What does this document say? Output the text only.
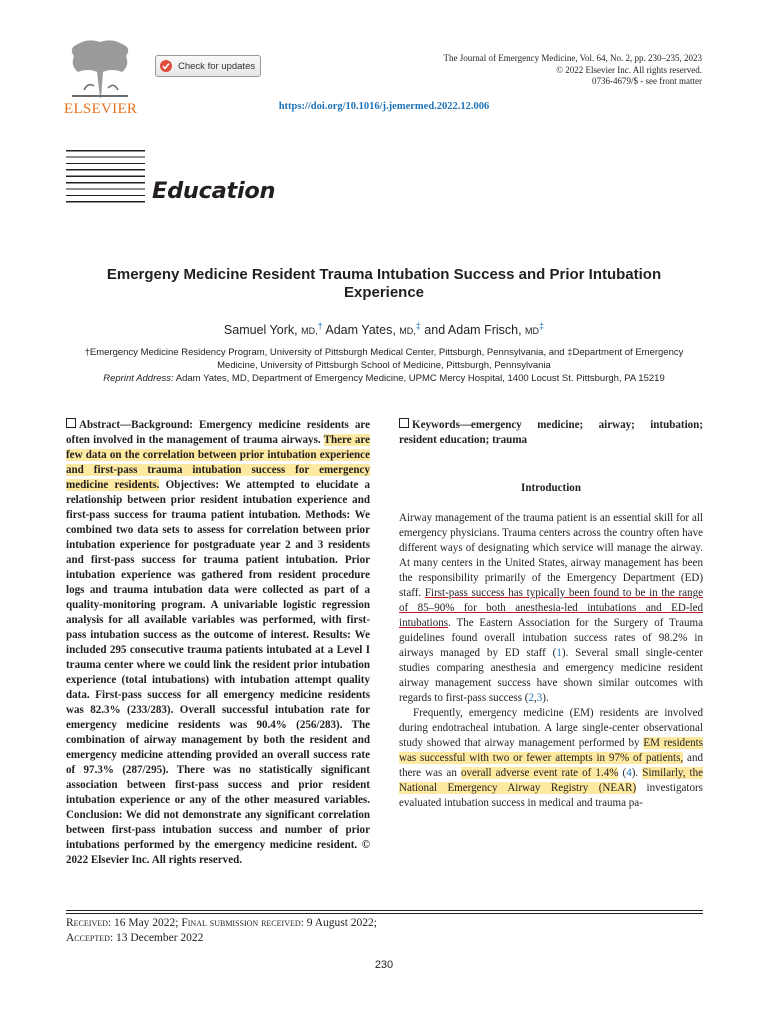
ELSEVIER
Check for updates
The Journal of Emergency Medicine, Vol. 64, No. 2, pp. 230–235, 2023
© 2022 Elsevier Inc. All rights reserved.
0736-4679/$ - see front matter
https://doi.org/10.1016/j.jemermed.2022.12.006
Education
Emergeny Medicine Resident Trauma Intubation Success and Prior Intubation Experience
Samuel York, MD,† Adam Yates, MD,‡ and Adam Frisch, MD‡
†Emergency Medicine Residency Program, University of Pittsburgh Medical Center, Pittsburgh, Pennsylvania, and ‡Department of Emergency Medicine, University of Pittsburgh School of Medicine, Pittsburgh, Pennsylvania
Reprint Address: Adam Yates, MD, Department of Emergency Medicine, UPMC Mercy Hospital, 1400 Locust St. Pittsburgh, PA 15219
Abstract—Background: Emergency medicine residents are often involved in the management of trauma airways. There are few data on the correlation between prior intubation experience and first-pass trauma intubation success for emergency medicine residents. Objectives: We attempted to elucidate a relationship between prior resident intubation experience and first-pass success for trauma patient intubation. Methods: We combined two data sets to assess for correlation between prior intubation experience for postgraduate year 2 and 3 residents and first-pass success for trauma patient intubation. Prior intubation experience was gathered from resident procedure logs and trauma intubation data were collected as part of a quality-monitoring program. A univariable logistic regression analysis for all available variables was performed, with first-pass intubation success as the outcome of interest. Results: We included 295 consecutive trauma patients intubated at a Level I trauma center where we could link the resident prior intubation experience (total intubations) with intubation attempt quality data. First-pass success for all emergency medicine residents was 82.3% (233/283). Overall successful intubation rate for emergency medicine residents was 90.4% (256/283). The combination of airway management by both the resident and emergency medicine attending provided an overall success rate of 97.3% (287/295). There was no statistically significant association between first-pass success and prior resident intubation experience or any of the other measured variables. Conclusion: We did not demonstrate any significant correlation between first-pass intubation success and number of prior intubations performed by the emergency medicine resident. © 2022 Elsevier Inc. All rights reserved.
Keywords—emergency medicine; airway; intubation; resident education; trauma
Introduction
Airway management of the trauma patient is an essential skill for all emergency physicians. Trauma centers across the country often have different ways of designating which service will manage the airway. At many centers in the United States, airway management has been the responsibility primarily of the Emergency Department (ED) staff. First-pass success has typically been found to be in the range of 85–90% for both anesthesia-led intubations and ED-led intubations. The Eastern Association for the Surgery of Trauma guidelines found overall intubation success rates of 98.2% in airways managed by ED staff (1). Several small single-center studies comparing anesthesia and emergency medicine resident airway management success have shown similar outcomes with regards to first-pass success (2,3).
Frequently, emergency medicine (EM) residents are involved during endotracheal intubation. A large single-center observational study showed that airway management performed by EM residents was successful with two or fewer attempts in 97% of patients, and there was an overall adverse event rate of 1.4% (4). Similarly, the National Emergency Airway Registry (NEAR) investigators evaluated intubation success in medical and trauma pa-
Received: 16 May 2022; Final submission received: 9 August 2022;
Accepted: 13 December 2022
230
